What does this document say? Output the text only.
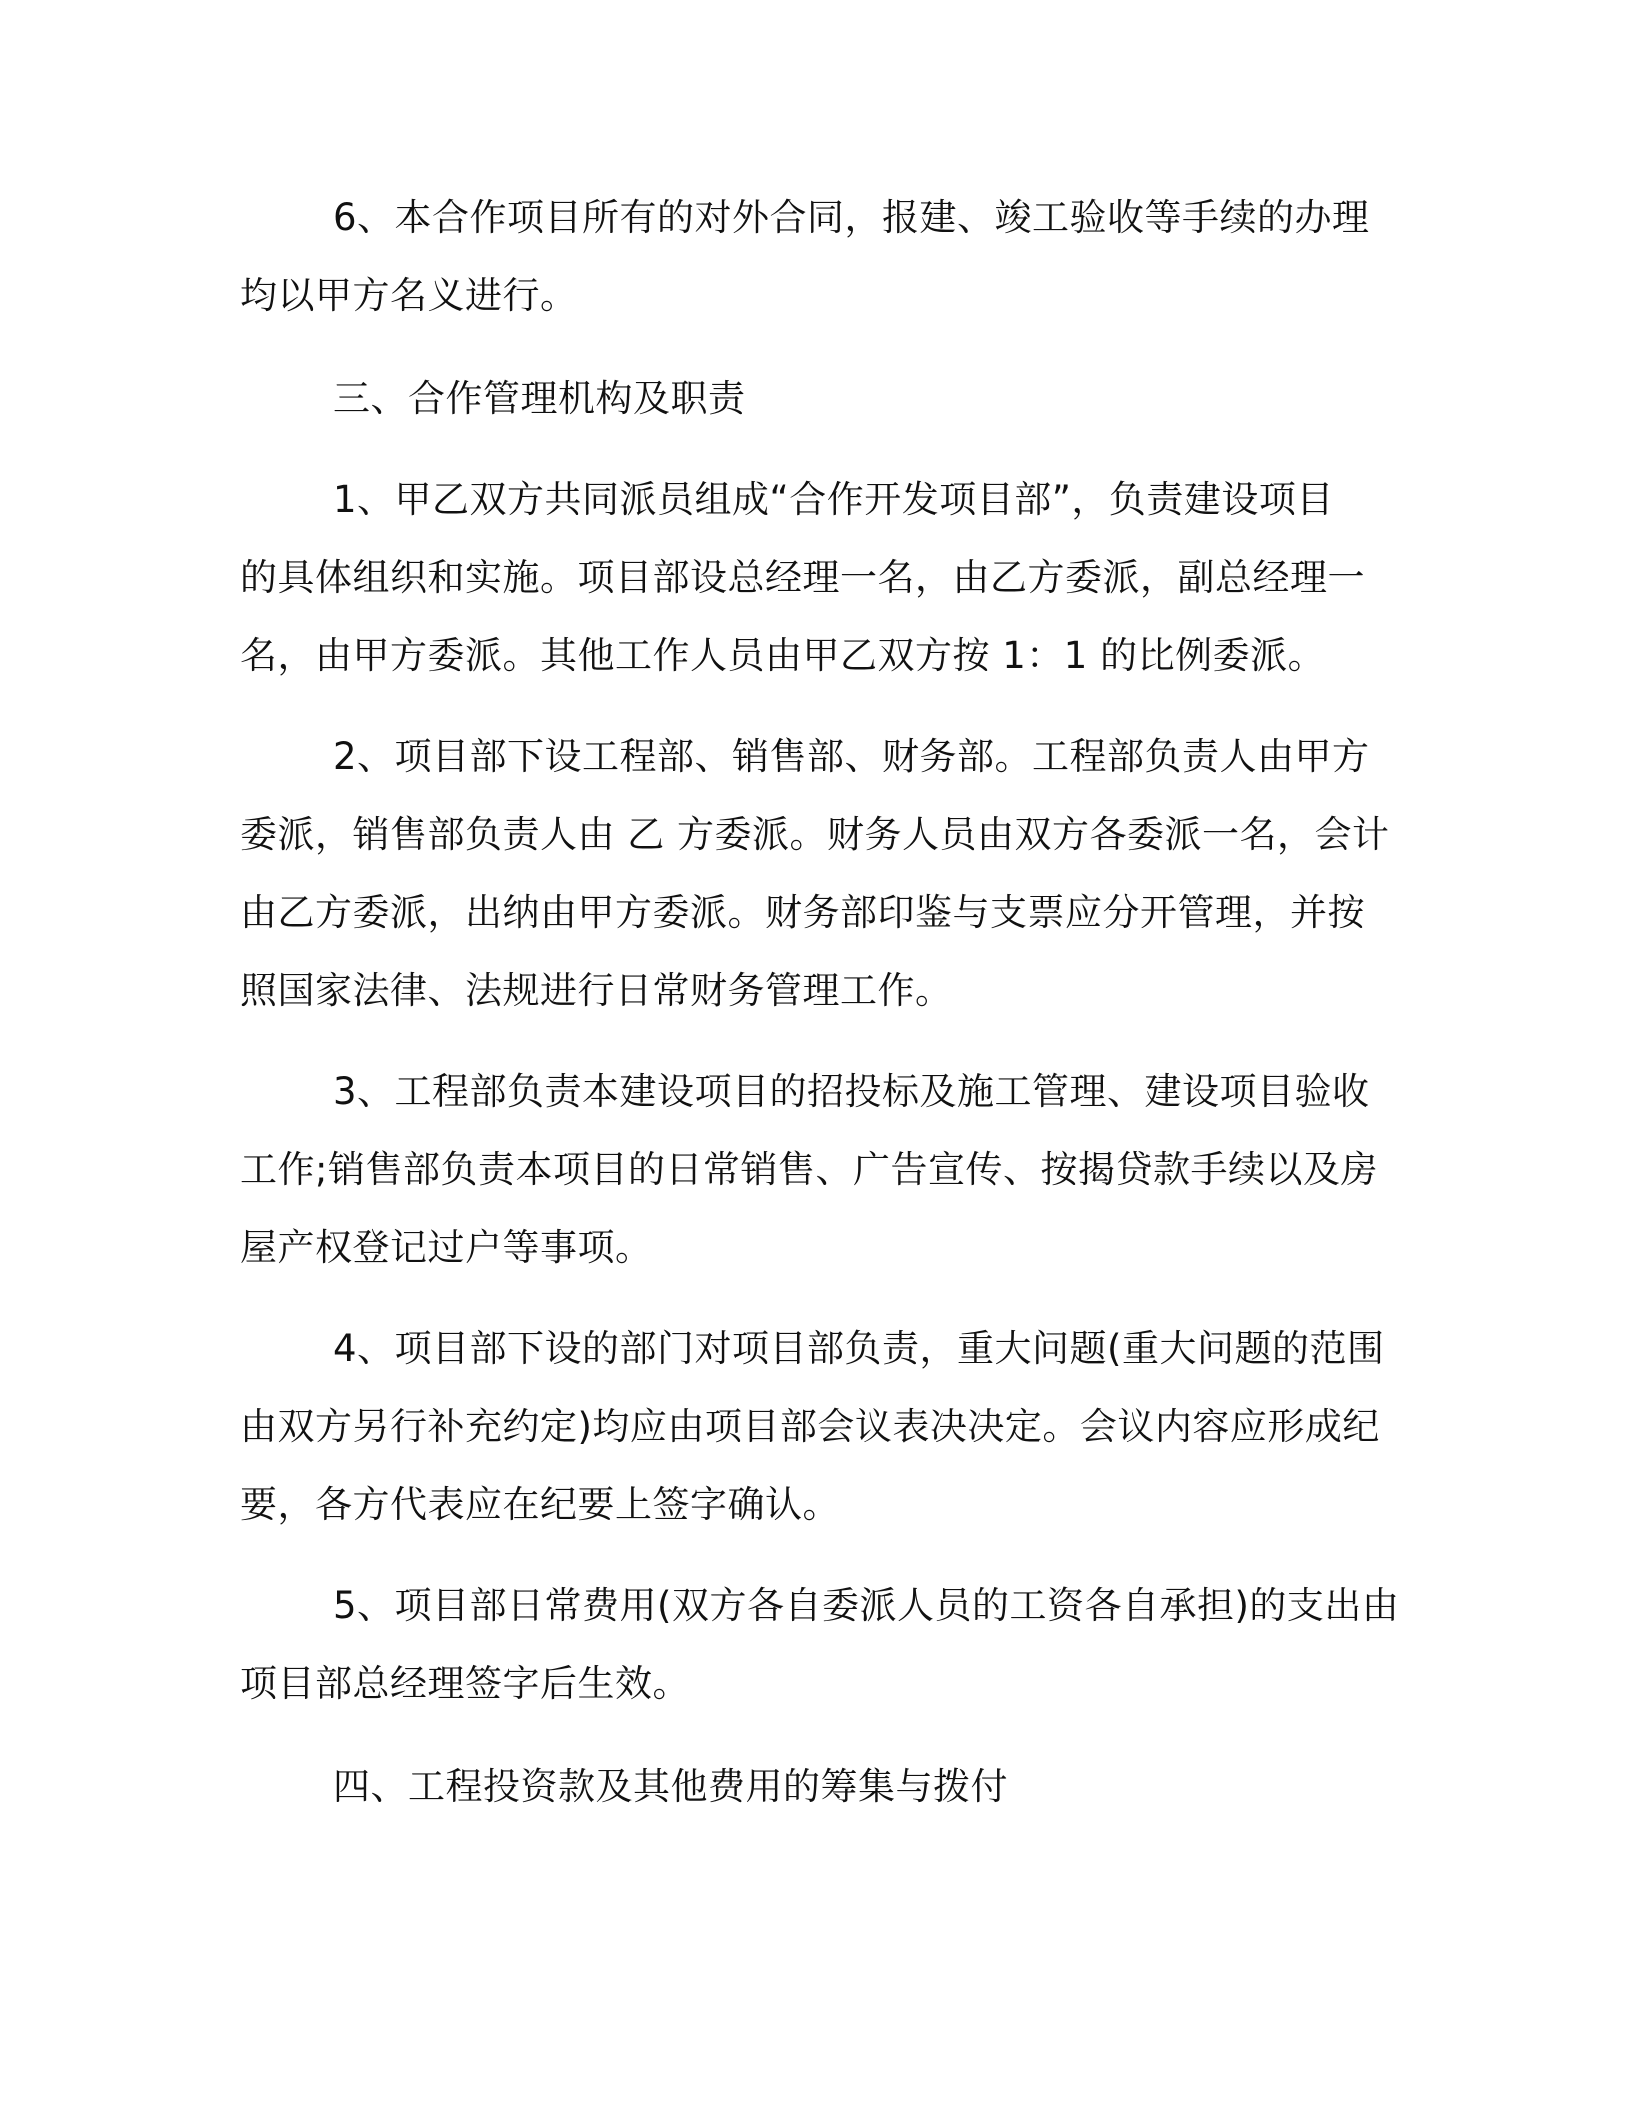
6、本合作项目所有的对外合同，报建、竣工验收等手续的办理
均以甲方名义进行。
三、合作管理机构及职责
1、甲乙双方共同派员组成“合作开发项目部”，负责建设项目
的具体组织和实施。项目部设总经理一名，由乙方委派，副总经理一
名，由甲方委派。其他工作人员由甲乙双方按 1：1 的比例委派。
2、项目部下设工程部、销售部、财务部。工程部负责人由甲方
委派，销售部负责人由 乙 方委派。财务人员由双方各委派一名，会计
由乙方委派，出纳由甲方委派。财务部印鉴与支票应分开管理，并按
照国家法律、法规进行日常财务管理工作。
3、工程部负责本建设项目的招投标及施工管理、建设项目验收
工作;销售部负责本项目的日常销售、广告宣传、按揭贷款手续以及房
屋产权登记过户等事项。
4、项目部下设的部门对项目部负责，重大问题(重大问题的范围
由双方另行补充约定)均应由项目部会议表决决定。会议内容应形成纪
要，各方代表应在纪要上签字确认。
5、项目部日常费用(双方各自委派人员的工资各自承担)的支出由
项目部总经理签字后生效。
四、工程投资款及其他费用的筹集与拨付
